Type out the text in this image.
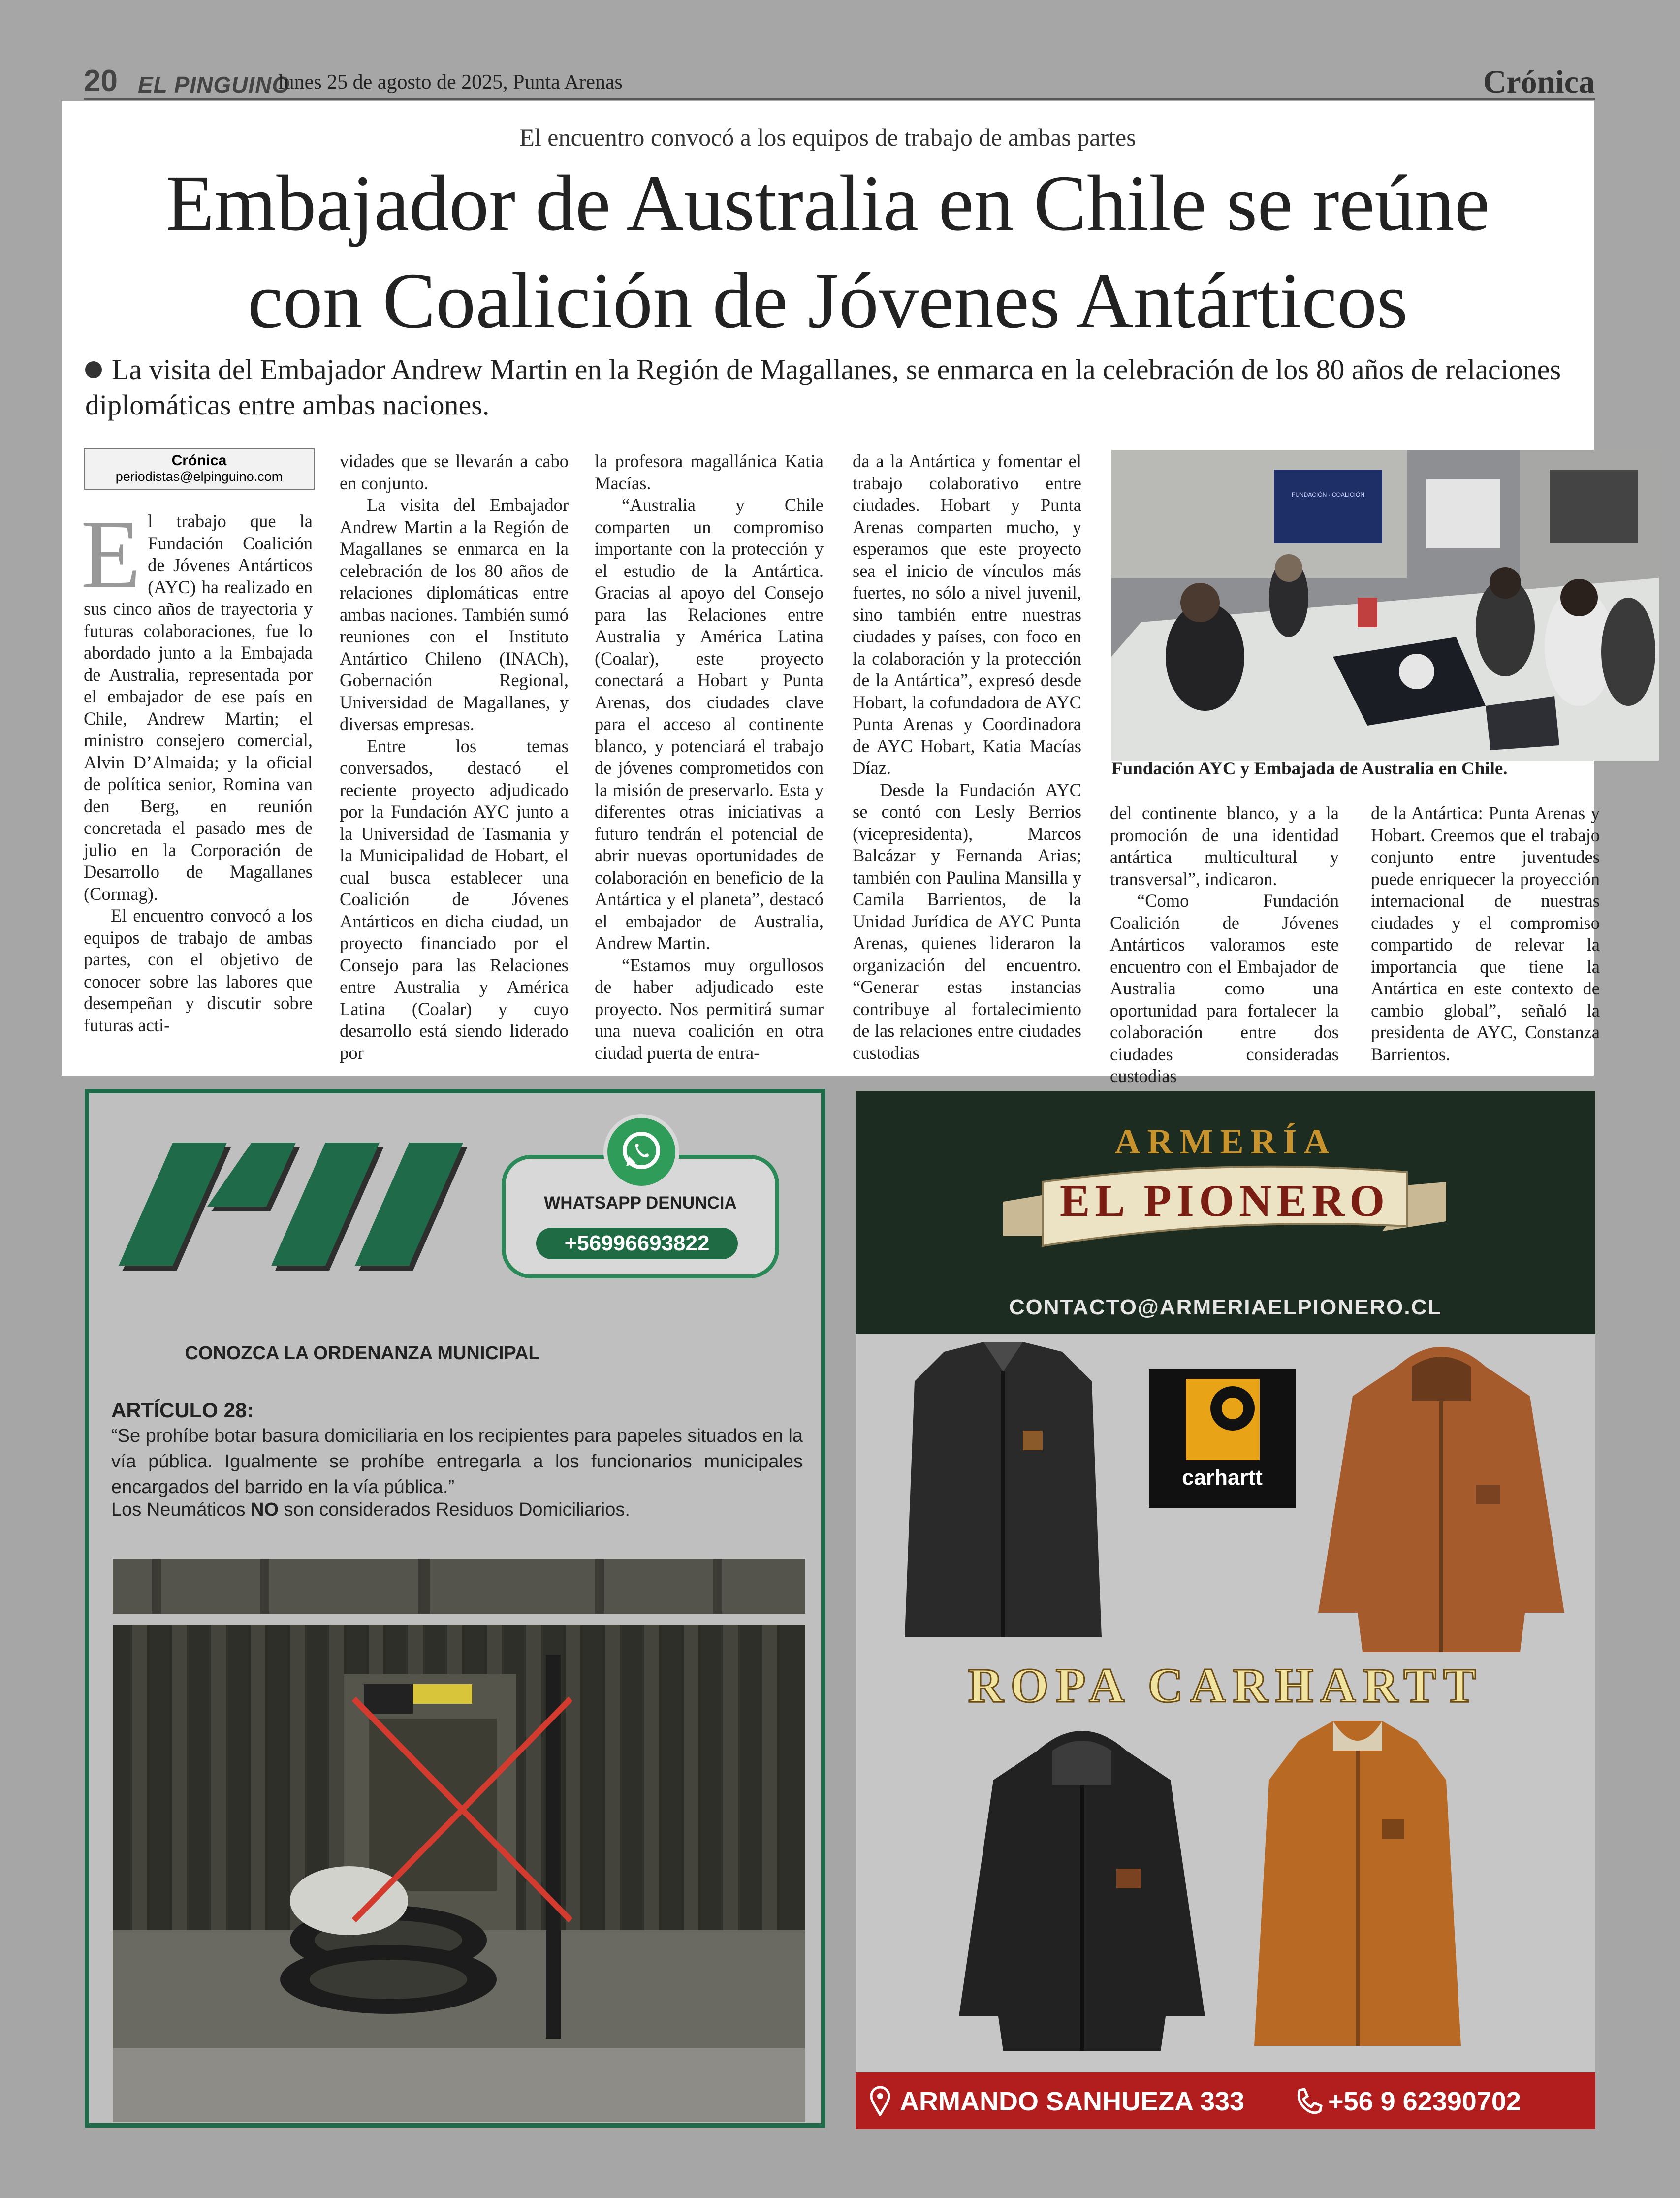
20 EL PINGUINO
lunes 25 de agosto de 2025, Punta Arenas	Crónica
El encuentro convocó a los equipos de trabajo de ambas partes
Embajador de Australia en Chile se reúne
con Coalición de Jóvenes Antárticos
La visita del Embajador Andrew Martin en la Región de Magallanes, se enmarca en la celebración de los 80 años de relaciones diplomáticas entre ambas naciones.
Crónica
periodistas@elpinguino.com

El trabajo que la Fundación Coalición de Jóvenes Antárticos (AYC) ha realizado en sus cinco años de trayectoria y futuras colaboraciones, fue lo abordado junto a la Embajada de Australia, representada por el embajador de ese país en Chile, Andrew Martin; el ministro consejero comercial, Alvin D’Almaida; y la oficial de política senior, Romina van den Berg, en reunión concretada el pasado mes de julio en la Corporación de Desarrollo de Magallanes (Cormag).

El encuentro convocó a los equipos de trabajo de ambas partes, con el objetivo de conocer sobre las labores que desempeñan y discutir sobre futuras acti-

vidades que se llevarán a cabo en conjunto.

La visita del Embajador Andrew Martin a la Región de Magallanes se enmarca en la celebración de los 80 años de relaciones diplomáticas entre ambas naciones. También sumó reuniones con el Instituto Antártico Chileno (INACh), Gobernación Regional, Universidad de Magallanes, y diversas empresas.

Entre los temas conversados, destacó el reciente proyecto adjudicado por la Fundación AYC junto a la Universidad de Tasmania y la Municipalidad de Hobart, el cual busca establecer una Coalición de Jóvenes Antárticos en dicha ciudad, un proyecto financiado por el Consejo para las Relaciones entre Australia y América Latina (Coalar) y cuyo desarrollo está siendo liderado por

la profesora magallánica Katia Macías.

“Australia y Chile comparten un compromiso importante con la protección y el estudio de la Antártica. Gracias al apoyo del Consejo para las Relaciones entre Australia y América Latina (Coalar), este proyecto conectará a Hobart y Punta Arenas, dos ciudades clave para el acceso al continente blanco, y potenciará el trabajo de jóvenes comprometidos con la misión de preservarlo. Esta y diferentes otras iniciativas a futuro tendrán el potencial de abrir nuevas oportunidades de colaboración en beneficio de la Antártica y el planeta”, destacó el embajador de Australia, Andrew Martin.

“Estamos muy orgullosos de haber adjudicado este proyecto. Nos permitirá sumar una nueva coalición en otra ciudad puerta de entra-

da a la Antártica y fomentar el trabajo colaborativo entre ciudades. Hobart y Punta Arenas comparten mucho, y esperamos que este proyecto sea el inicio de vínculos más fuertes, no sólo a nivel juvenil, sino también entre nuestras ciudades y países, con foco en la colaboración y la protección de la Antártica”, expresó desde Hobart, la cofundadora de AYC Punta Arenas y Coordinadora de AYC Hobart, Katia Macías Díaz.

Desde la Fundación AYC se contó con Lesly Berrios (vicepresidenta), Marcos Balcázar y Fernanda Arias; también con Paulina Mansilla y Camila Barrientos, de la Unidad Jurídica de AYC Punta Arenas, quienes lideraron la organización del encuentro. “Generar estas instancias contribuye al fortalecimiento de las relaciones entre ciudades custodias

del continente blanco, y a la promoción de una identidad antártica multicultural y transversal”, indicaron.

“Como Fundación Coalición de Jóvenes Antárticos valoramos este encuentro con el Embajador de Australia como una oportunidad para fortalecer la colaboración entre dos ciudades consideradas custodias

de la Antártica: Punta Arenas y Hobart. Creemos que el trabajo conjunto entre juventudes puede enriquecer la proyección internacional de nuestras ciudades y el compromiso compartido de relevar la importancia que tiene la Antártica en este contexto de cambio global”, señaló la presidenta de AYC, Constanza Barrientos.

FUNDACIÓN · COALICIÓN
Fundación AYC y Embajada de Australia en Chile.
WHATSAPP DENUNCIA
+56996693822
CONOZCA LA ORDENANZA MUNICIPAL
ARTÍCULO 28:
“Se prohíbe botar basura domiciliaria en los recipientes para papeles situados en la vía pública. Igualmente se prohíbe entregarla a los funcionarios municipales encargados del barrido en la vía pública.”
Los Neumáticos NO son considerados Residuos Domiciliarios.
ARMERÍA
EL PIONERO
CONTACTO@ARMERIAELPIONERO.CL
carhartt
ROPA CARHARTT
ARMANDO SANHUEZA 333	+56 9 62390702
